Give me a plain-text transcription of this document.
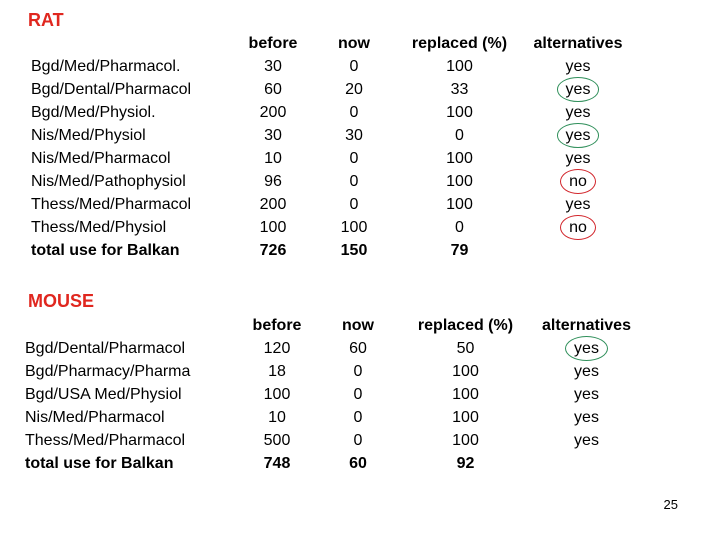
RAT
	before	now	replaced (%)	alternatives
Bgd/Med/Pharmacol.	30	0	100	yes
Bgd/Dental/Pharmacol	60	20	33	yes
Bgd/Med/Physiol.	200	0	100	yes
Nis/Med/Physiol	30	30	0	yes
Nis/Med/Pharmacol	10	0	100	yes
Nis/Med/Pathophysiol	96	0	100	no
Thess/Med/Pharmacol	200	0	100	yes
Thess/Med/Physiol	100	100	0	no
total use for Balkan	726	150	79	
MOUSE
	before	now	replaced (%)	alternatives
Bgd/Dental/Pharmacol	120	60	50	yes
Bgd/Pharmacy/Pharma	18	0	100	yes
Bgd/USA Med/Physiol	100	0	100	yes
Nis/Med/Pharmacol	10	0	100	yes
Thess/Med/Pharmacol	500	0	100	yes
total use for Balkan	748	60	92	

25
